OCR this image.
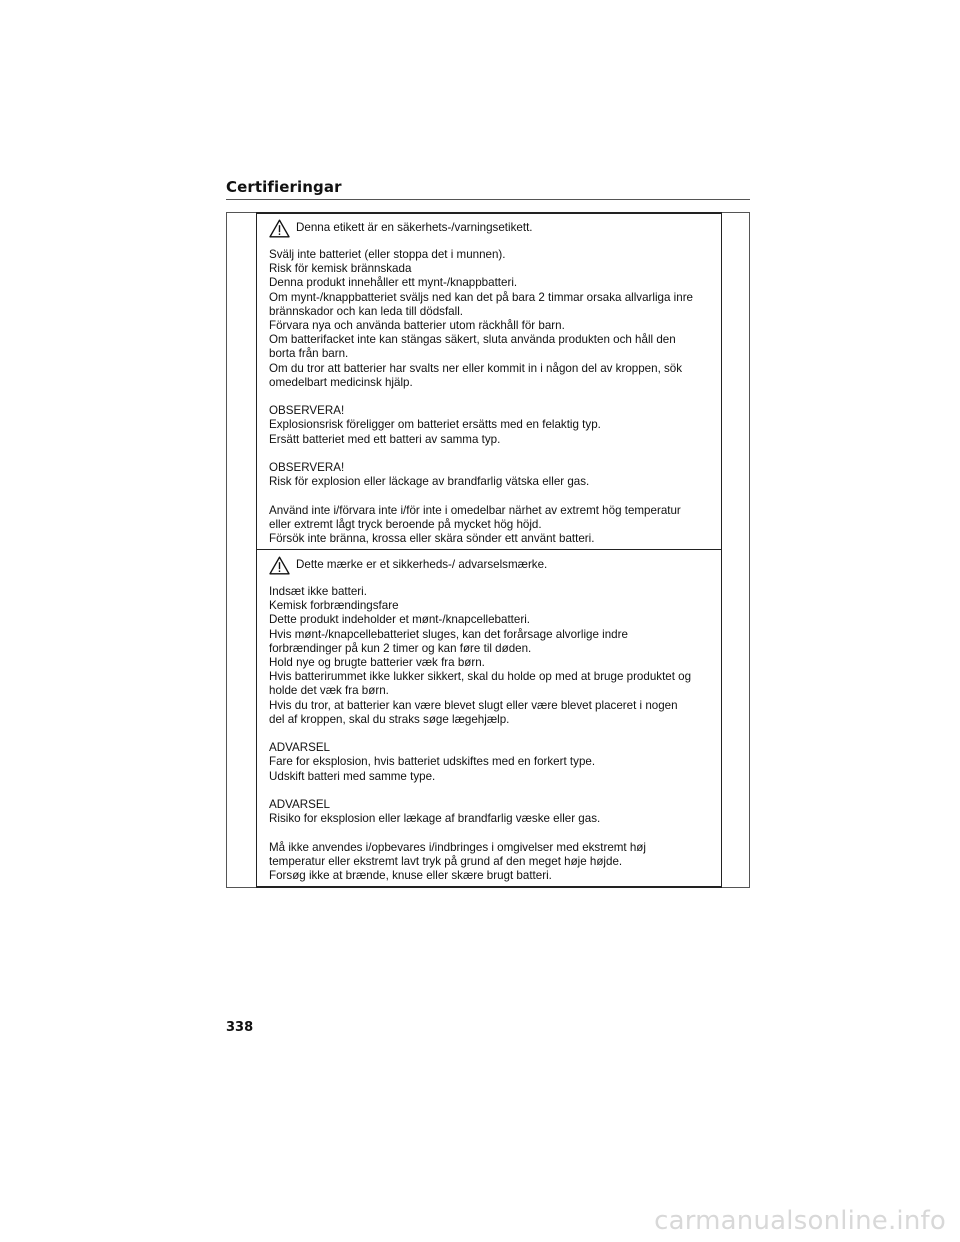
Certifieringar
Denna etikett är en säkerhets-/varningsetikett.

Svälj inte batteriet (eller stoppa det i munnen).

Risk för kemisk brännskada

Denna produkt innehåller ett mynt-/knappbatteri.

Om mynt-/knappbatteriet sväljs ned kan det på bara 2 timmar orsaka allvarliga inre

brännskador och kan leda till dödsfall.

Förvara nya och använda batterier utom räckhåll för barn.

Om batterifacket inte kan stängas säkert, sluta använda produkten och håll den

borta från barn.

Om du tror att batterier har svalts ner eller kommit in i någon del av kroppen, sök

omedelbart medicinsk hjälp.

OBSERVERA!

Explosionsrisk föreligger om batteriet ersätts med en felaktig typ.

Ersätt batteriet med ett batteri av samma typ.

OBSERVERA!

Risk för explosion eller läckage av brandfarlig vätska eller gas.

Använd inte i/förvara inte i/för inte i omedelbar närhet av extremt hög temperatur

eller extremt lågt tryck beroende på mycket hög höjd.

Försök inte bränna, krossa eller skära sönder ett använt batteri.

Dette mærke er et sikkerheds-/ advarselsmærke.

Indsæt ikke batteri.

Kemisk forbrændingsfare

Dette produkt indeholder et mønt-/knapcellebatteri.

Hvis mønt-/knapcellebatteriet sluges, kan det forårsage alvorlige indre

forbrændinger på kun 2 timer og kan føre til døden.

Hold nye og brugte batterier væk fra børn.

Hvis batterirummet ikke lukker sikkert, skal du holde op med at bruge produktet og

holde det væk fra børn.

Hvis du tror, at batterier kan være blevet slugt eller være blevet placeret i nogen

del af kroppen, skal du straks søge lægehjælp.

ADVARSEL

Fare for eksplosion, hvis batteriet udskiftes med en forkert type.

Udskift batteri med samme type.

ADVARSEL

Risiko for eksplosion eller lækage af brandfarlig væske eller gas.

Må ikke anvendes i/opbevares i/indbringes i omgivelser med ekstremt høj

temperatur eller ekstremt lavt tryk på grund af den meget høje højde.

Forsøg ikke at brænde, knuse eller skære brugt batteri.

338

carmanualsonline.info
